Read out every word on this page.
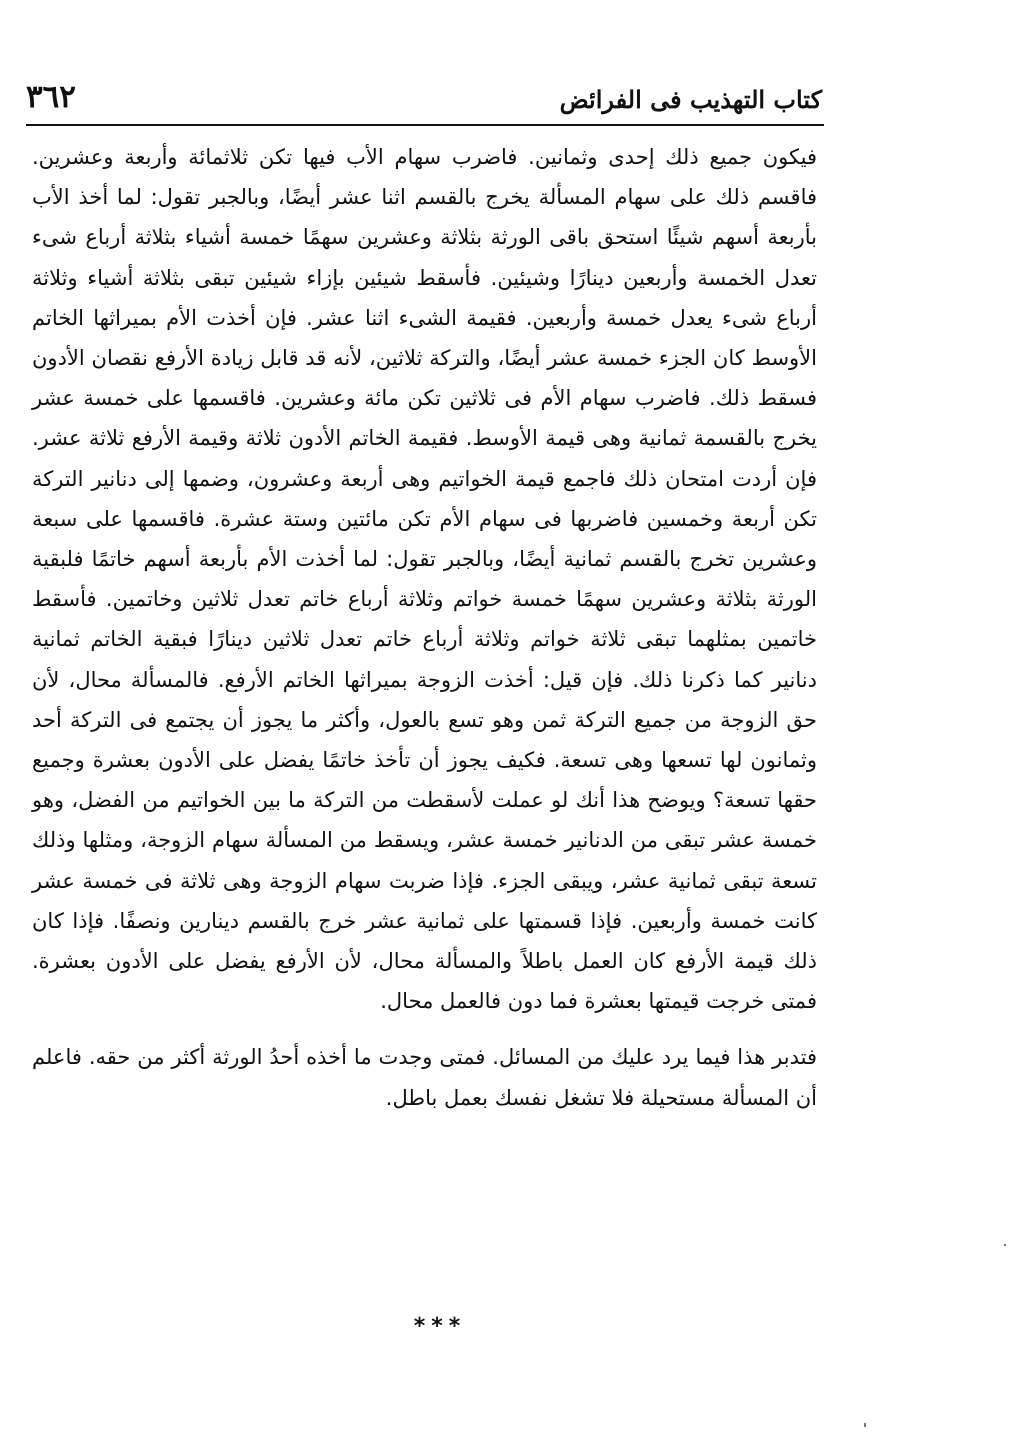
كتاب التهذيب فى الفرائض
٣٦٢

فيكون جميع ذلك إحدى وثمانين. فاضرب سهام الأب فيها تكن ثلاثمائة وأربعة وعشرين. فاقسم ذلك على سهام المسألة يخرج بالقسم اثنا عشر أيضًا، وبالجبر تقول: لما أخذ الأب بأربعة أسهم شيئًا استحق باقى الورثة بثلاثة وعشرين سهمًا خمسة أشياء بثلاثة أرباع شىء تعدل الخمسة وأربعين دينارًا وشيئين. فأسقط شيئين بإزاء شيئين تبقى بثلاثة أشياء وثلاثة أرباع شىء يعدل خمسة وأربعين. فقيمة الشىء اثنا عشر. فإن أخذت الأم بميراثها الخاتم الأوسط كان الجزء خمسة عشر أيضًا، والتركة ثلاثين، لأنه قد قابل زيادة الأرفع نقصان الأدون فسقط ذلك. فاضرب سهام الأم فى ثلاثين تكن مائة وعشرين. فاقسمها على خمسة عشر يخرج بالقسمة ثمانية وهى قيمة الأوسط. فقيمة الخاتم الأدون ثلاثة وقيمة الأرفع ثلاثة عشر. فإن أردت امتحان ذلك فاجمع قيمة الخواتيم وهى أربعة وعشرون، وضمها إلى دنانير التركة تكن أربعة وخمسين فاضربها فى سهام الأم تكن مائتين وستة عشرة. فاقسمها على سبعة وعشرين تخرج بالقسم ثمانية أيضًا، وبالجبر تقول: لما أخذت الأم بأربعة أسهم خاتمًا فلبقية الورثة بثلاثة وعشرين سهمًا خمسة خواتم وثلاثة أرباع خاتم تعدل ثلاثين وخاتمين. فأسقط خاتمين بمثلهما تبقى ثلاثة خواتم وثلاثة أرباع خاتم تعدل ثلاثين دينارًا فبقية الخاتم ثمانية دنانير كما ذكرنا ذلك. فإن قيل: أخذت الزوجة بميراثها الخاتم الأرفع. فالمسألة محال، لأن حق الزوجة من جميع التركة ثمن وهو تسع بالعول، وأكثر ما يجوز أن يجتمع فى التركة أحد وثمانون لها تسعها وهى تسعة. فكيف يجوز أن تأخذ خاتمًا يفضل على الأدون بعشرة وجميع حقها تسعة؟ ويوضح هذا أنك لو عملت لأسقطت من التركة ما بين الخواتيم من الفضل، وهو خمسة عشر تبقى من الدنانير خمسة عشر، ويسقط من المسألة سهام الزوجة، ومثلها وذلك تسعة تبقى ثمانية عشر، ويبقى الجزء. فإذا ضربت سهام الزوجة وهى ثلاثة فى خمسة عشر كانت خمسة وأربعين. فإذا قسمتها على ثمانية عشر خرج بالقسم دينارين ونصفًا. فإذا كان ذلك قيمة الأرفع كان العمل باطلاً والمسألة محال، لأن الأرفع يفضل على الأدون بعشرة. فمتى خرجت قيمتها بعشرة فما دون فالعمل محال.

فتدبر هذا فيما يرد عليك من المسائل. فمتى وجدت ما أخذه أحدُ الورثة أكثر من حقه. فاعلم أن المسألة مستحيلة فلا تشغل نفسك بعمل باطل.

***
